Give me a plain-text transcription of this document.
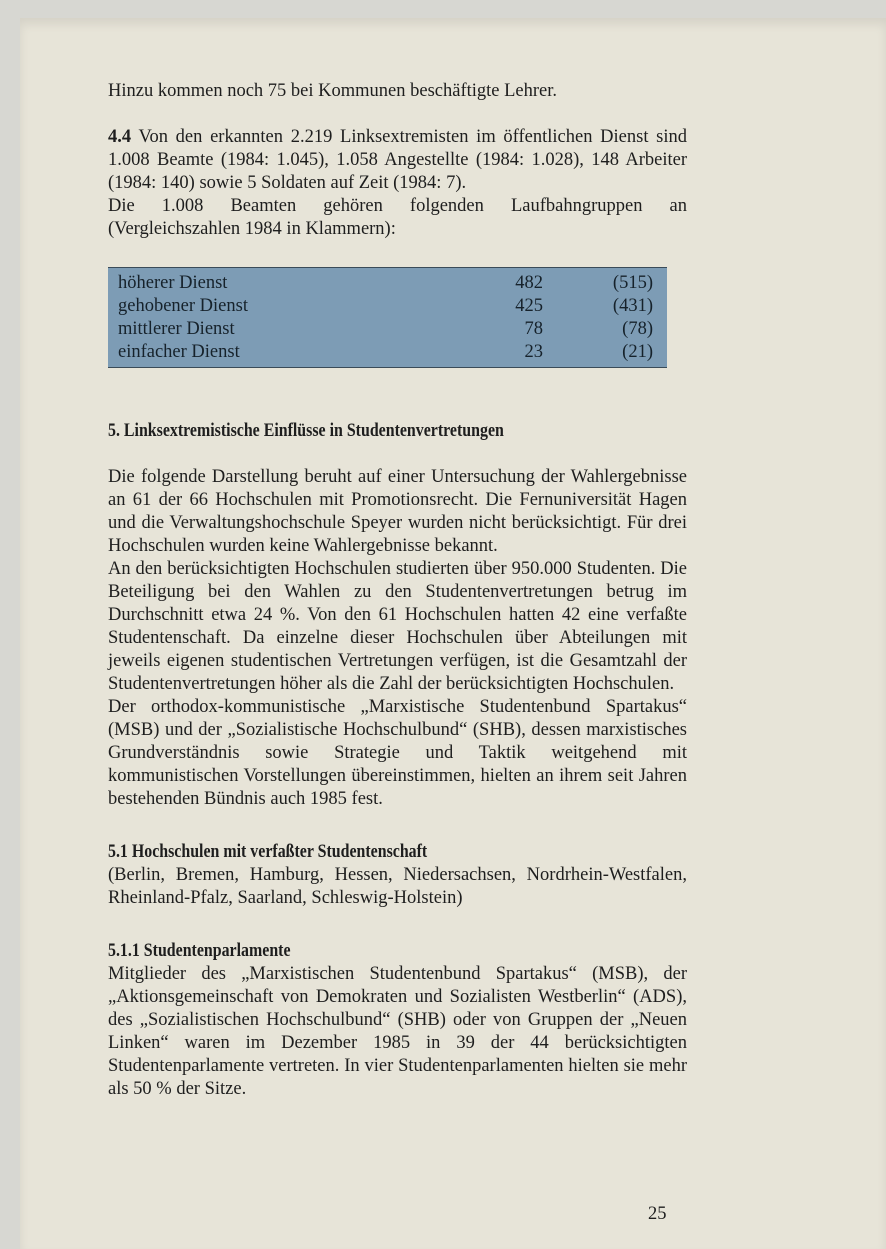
Hinzu kommen noch 75 bei Kommunen beschäftigte Lehrer.

4.4 Von den erkannten 2.219 Linksextremisten im öffentlichen Dienst sind 1.008 Beamte (1984: 1.045), 1.058 Angestellte (1984: 1.028), 148 Arbeiter (1984: 140) sowie 5 Soldaten auf Zeit (1984: 7).

Die 1.008 Beamten gehören folgenden Laufbahngruppen an (Vergleichszahlen 1984 in Klammern):

höherer Dienst	482	(515)
gehobener Dienst	425	(431)
mittlerer Dienst	78	(78)
einfacher Dienst	23	(21)

5. Linksextremistische Einflüsse in Studentenvertretungen

Die folgende Darstellung beruht auf einer Untersuchung der Wahlergebnisse an 61 der 66 Hochschulen mit Promotionsrecht. Die Fernuniversität Hagen und die Verwaltungshochschule Speyer wurden nicht berücksichtigt. Für drei Hochschulen wurden keine Wahlergebnisse bekannt.

An den berücksichtigten Hochschulen studierten über 950.000 Studenten. Die Beteiligung bei den Wahlen zu den Studentenvertretungen betrug im Durchschnitt etwa 24 %. Von den 61 Hochschulen hatten 42 eine verfaßte Studentenschaft. Da einzelne dieser Hochschulen über Abteilungen mit jeweils eigenen studentischen Vertretungen verfügen, ist die Gesamtzahl der Studentenvertretungen höher als die Zahl der berücksichtigten Hochschulen.

Der orthodox-kommunistische „Marxistische Studentenbund Spartakus“ (MSB) und der „Sozialistische Hochschulbund“ (SHB), dessen marxistisches Grundverständnis sowie Strategie und Taktik weitgehend mit kommunistischen Vorstellungen übereinstimmen, hielten an ihrem seit Jahren bestehenden Bündnis auch 1985 fest.

5.1 Hochschulen mit verfaßter Studentenschaft

(Berlin, Bremen, Hamburg, Hessen, Niedersachsen, Nordrhein-Westfalen, Rheinland-Pfalz, Saarland, Schleswig-Holstein)

5.1.1 Studentenparlamente

Mitglieder des „Marxistischen Studentenbund Spartakus“ (MSB), der „Aktionsgemeinschaft von Demokraten und Sozialisten Westberlin“ (ADS), des „Sozialistischen Hochschulbund“ (SHB) oder von Gruppen der „Neuen Linken“ waren im Dezember 1985 in 39 der 44 berücksichtigten Studentenparlamente vertreten. In vier Studentenparlamenten hielten sie mehr als 50 % der Sitze.

25
